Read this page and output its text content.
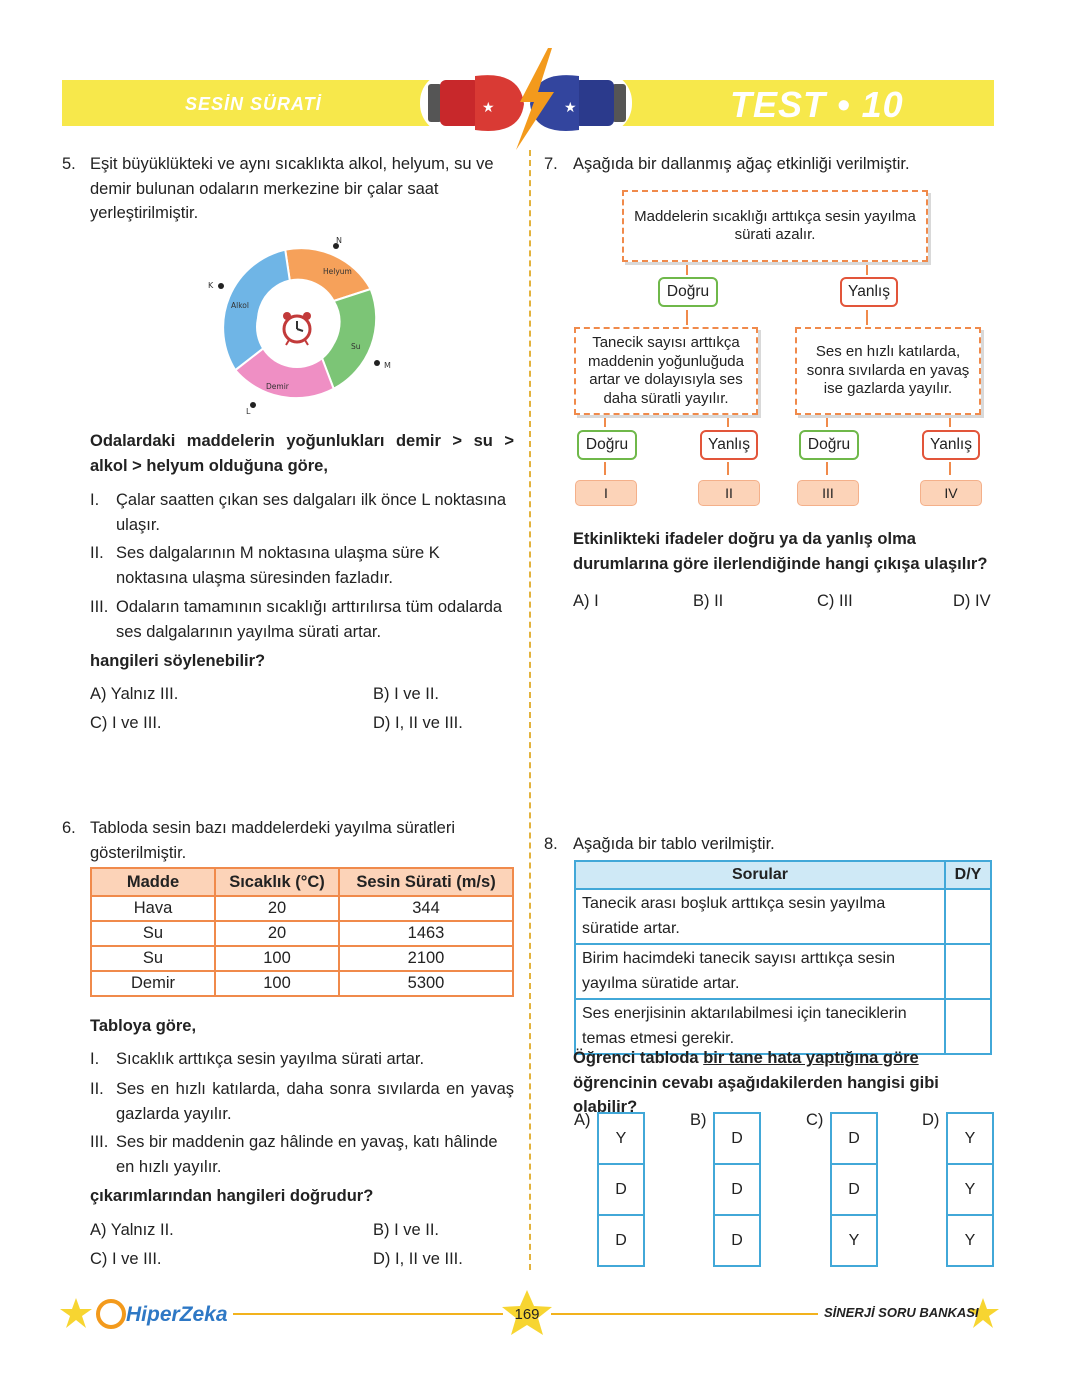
SESİN SÜRATİ	TEST • 10
★	★
5. Eşit büyüklükteki ve aynı sıcaklıkta alkol, helyum, su ve demir bulunan odaların merkezine bir çalar saat yerleştirilmiştir.
Helyum
Su
Demir
Alkol
N
M
L
K
Odalardaki maddelerin yoğunlukları demir > su > alkol > helyum olduğuna göre,
I.	Çalar saatten çıkan ses dalgaları ilk önce L noktasına ulaşır.
II. Ses dalgalarının M noktasına ulaşma süre K noktasına ulaşma süresinden fazladır.
III. Odaların tamamının sıcaklığı arttırılırsa tüm odalarda ses dalgalarının yayılma sürati artar.
hangileri söylenebilir?
A) Yalnız III.	B) I ve II.
C) I ve III.	D) I, II ve III.
6. Tabloda sesin bazı maddelerdeki yayılma süratleri gösterilmiştir.
Madde	Sıcaklık (°C)	Sesin Sürati (m/s)
Hava	20	344
Su	20	1463
Su	100	2100
Demir	100	5300
Tabloya göre,
I.	Sıcaklık arttıkça sesin yayılma sürati artar.
II. Ses en hızlı katılarda, daha sonra sıvılarda en yavaş gazlarda yayılır.
III. Ses bir maddenin gaz hâlinde en yavaş, katı hâlinde en hızlı yayılır.
çıkarımlarından hangileri doğrudur?
A) Yalnız II.	B) I ve II.
C) I ve III.	D) I, II ve III.
7. Aşağıda bir dallanmış ağaç etkinliği verilmiştir.
Maddelerin sıcaklığı arttıkça sesin yayılma sürati azalır.
Doğru	Yanlış
Tanecik sayısı arttıkça maddenin yoğunluğuda artar ve dolayısıyla ses daha süratli yayılır.
Ses en hızlı katılarda, sonra sıvılarda en yavaş ise gazlarda yayılır.
Doğru	Yanlış	Doğru	Yanlış
I	II	III	IV
Etkinlikteki ifadeler doğru ya da yanlış olma durumlarına göre ilerlendiğinde hangi çıkışa ulaşılır?
A) I	B) II	C) III	D) IV
8. Aşağıda bir tablo verilmiştir.
Sorular	D/Y
Tanecik arası boşluk arttıkça sesin yayılma süratide artar.	
Birim hacimdeki tanecik sayısı arttıkça sesin yayılma süratide artar.	
Ses enerjisinin aktarılabilmesi için taneciklerin temas etmesi gerekir.	
Öğrenci tabloda bir tane hata yaptığına göre öğrencinin cevabı aşağıdakilerden hangisi gibi olabilir?
A)
Y
D
D
B)
D
D
D
C)
D
D
Y
D)
Y
Y
Y
HiperZeka	169	SİNERJİ SORU BANKASI
